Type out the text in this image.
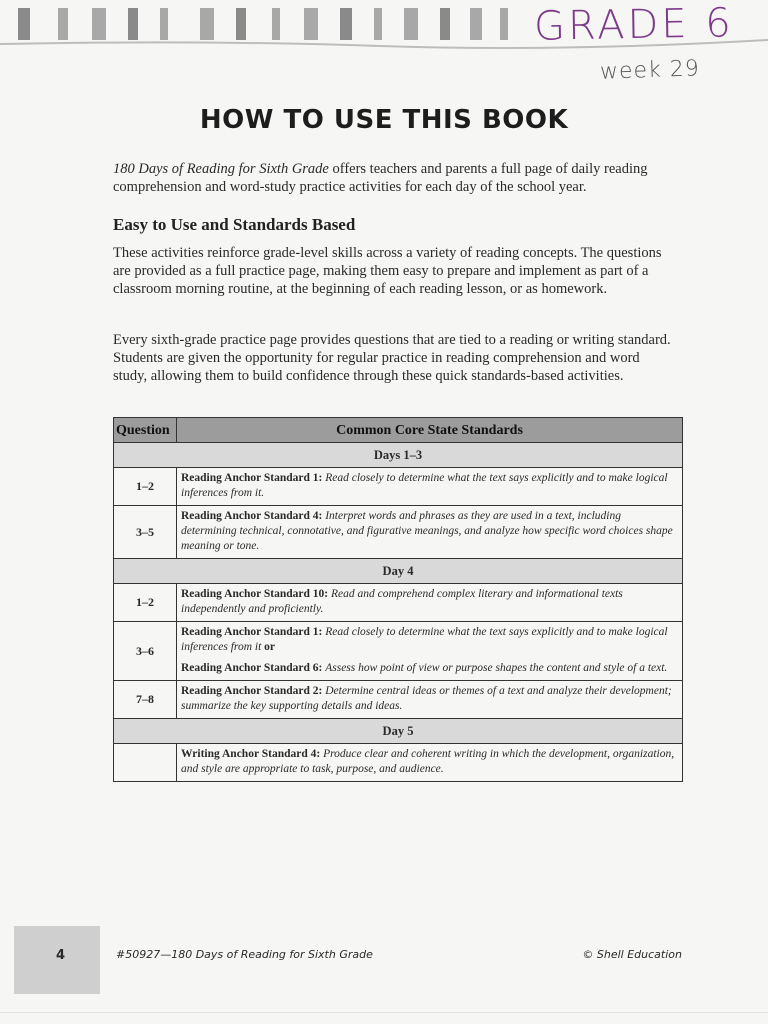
GRADE 6
week 29
HOW TO USE THIS BOOK
180 Days of Reading for Sixth Grade offers teachers and parents a full page of daily reading comprehension and word-study practice activities for each day of the school year.
Easy to Use and Standards Based
These activities reinforce grade-level skills across a variety of reading concepts. The questions are provided as a full practice page, making them easy to prepare and implement as part of a classroom morning routine, at the beginning of each reading lesson, or as homework.
Every sixth-grade practice page provides questions that are tied to a reading or writing standard. Students are given the opportunity for regular practice in reading comprehension and word study, allowing them to build confidence through these quick standards-based activities.
Question	Common Core State Standards
Days 1–3	
1–2	Reading Anchor Standard 1: Read closely to determine what the text says explicitly and to make logical inferences from it.

3–5	Reading Anchor Standard 4: Interpret words and phrases as they are used in a text, including determining technical, connotative, and figurative meanings, and analyze how specific word choices shape meaning or tone.

Day 4	
1–2	Reading Anchor Standard 10: Read and comprehend complex literary and informational texts independently and proficiently.

3–6	Reading Anchor Standard 1: Read closely to determine what the text says explicitly and to make logical inferences from it or
Reading Anchor Standard 6: Assess how point of view or purpose shapes the content and style of a text.

7–8	Reading Anchor Standard 2: Determine central ideas or themes of a text and analyze their development; summarize the key supporting details and ideas.

Day 5	

	Writing Anchor Standard 4: Produce clear and coherent writing in which the development, organization, and style are appropriate to task, purpose, and audience.
4	#50927—180 Days of Reading for Sixth Grade	© Shell Education
